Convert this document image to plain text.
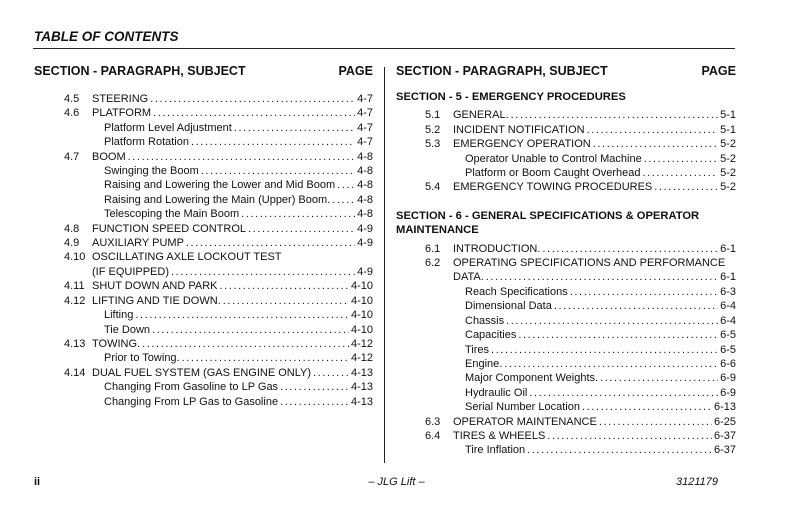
TABLE OF CONTENTS
SECTION - PARAGRAPH, SUBJECT	PAGE
4.5	STEERING .....	4-7
4.6	PLATFORM .....	4-7
Platform Level Adjustment .....	4-7
Platform Rotation .....	4-7
4.7	BOOM .....	4-8
Swinging the Boom .....	4-8
Raising and Lowering the Lower and Mid Boom ..... 4-8
Raising and Lowering the Main (Upper) Boom. ..... 4-8
Telescoping the Main Boom .....	4-8
4.8	FUNCTION SPEED CONTROL .....	4-9
4.9	AUXILIARY PUMP .....	4-9
4.10 OSCILLATING AXLE LOCKOUT TEST
(IF EQUIPPED) .....	4-9
4.11 SHUT DOWN AND PARK .....	4-10
4.12 LIFTING AND TIE DOWN. .....	4-10
Lifting .....	4-10
Tie Down .....	4-10
4.13 TOWING. .....	4-12
Prior to Towing. .....	4-12
4.14 DUAL FUEL SYSTEM (GAS ENGINE ONLY) .....	4-13
Changing From Gasoline to LP Gas .....	4-13
Changing From LP Gas to Gasoline .....	4-13
SECTION - PARAGRAPH, SUBJECT	PAGE
SECTION - 5 - EMERGENCY PROCEDURES
5.1	GENERAL. .....	5-1
5.2	INCIDENT NOTIFICATION .....	5-1
5.3	EMERGENCY OPERATION .....	5-2
Operator Unable to Control Machine .....	5-2
Platform or Boom Caught Overhead .....	5-2
5.4	EMERGENCY TOWING PROCEDURES .....	5-2
SECTION - 6 - GENERAL SPECIFICATIONS & OPERATOR
MAINTENANCE
6.1	INTRODUCTION. .....	6-1
6.2	OPERATING SPECIFICATIONS AND PERFORMANCE
DATA. .....	6-1
Reach Specifications .....	6-3
Dimensional Data .....	6-4
Chassis .....	6-4
Capacities .....	6-5
Tires .....	6-5
Engine. .....	6-6
Major Component Weights. .....	6-9
Hydraulic Oil .....	6-9
Serial Number Location .....	6-13
6.3	OPERATOR MAINTENANCE .....	6-25
6.4	TIRES & WHEELS .....	6-37
Tire Inflation .....	6-37
ii	– JLG Lift –	3121179
